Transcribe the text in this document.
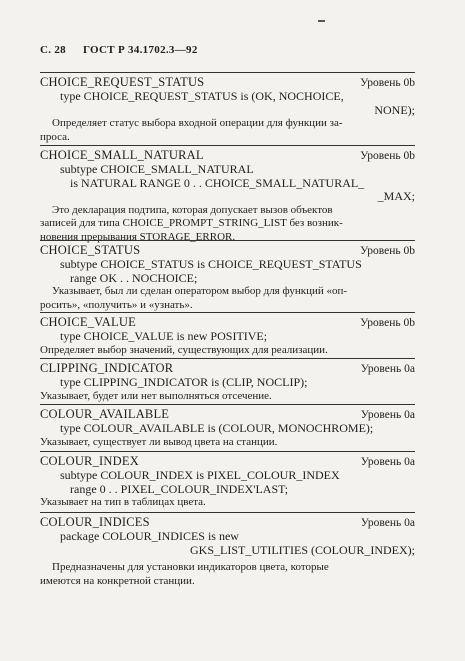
С. 28 ГОСТ Р 34.1702.3—92
CHOICE_REQUEST_STATUS	Уровень 0b
type CHOICE_REQUEST_STATUS is (OK, NOCHOICE,
NONE);
Определяет статус выбора входной операции для функции за-
проса.
CHOICE_SMALL_NATURAL	Уровень 0b
subtype CHOICE_SMALL_NATURAL
is NATURAL RANGE 0 . . CHOICE_SMALL_NATURAL_
_MAX;
Это декларация подтипа, которая допускает вызов объектов
записей для типа CHOICE_PROMPT_STRING_LIST без возник-
новения прерывания STORAGE_ERROR.
CHOICE_STATUS	Уровень 0b
subtype CHOICE_STATUS is CHOICE_REQUEST_STATUS
range OK . . NOCHOICE;
Указывает, был ли сделан оператором выбор для функций «оп-
росить», «получить» и «узнать».
CHOICE_VALUE	Уровень 0b
type CHOICE_VALUE is new POSITIVE;
Определяет выбор значений, существующих для реализации.
CLIPPING_INDICATOR	Уровень 0a
type CLIPPING_INDICATOR is (CLIP, NOCLIP);
Указывает, будет или нет выполняться отсечение.
COLOUR_AVAILABLE	Уровень 0a
type COLOUR_AVAILABLE is (COLOUR, MONOCHROME);
Указывает, существует ли вывод цвета на станции.
COLOUR_INDEX	Уровень 0a
subtype COLOUR_INDEX is PIXEL_COLOUR_INDEX
range 0 . . PIXEL_COLOUR_INDEX'LAST;
Указывает на тип в таблицах цвета.
COLOUR_INDICES	Уровень 0a
package COLOUR_INDICES is new
GKS_LIST_UTILITIES (COLOUR_INDEX);
Предназначены для установки индикаторов цвета, которые
имеются на конкретной станции.
